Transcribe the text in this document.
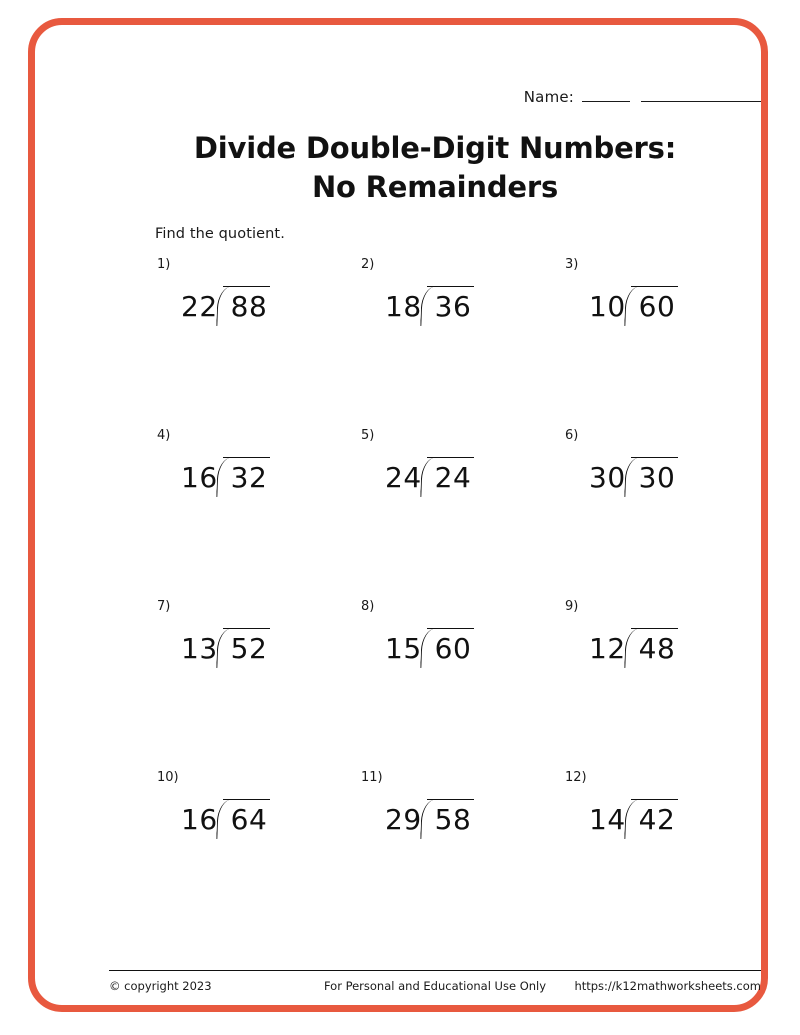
Name:
Divide Double-Digit Numbers:
No Remainders
Find the quotient.
1)
22 88
2)
18 36
3)
10 60
4)
16 32
5)
24 24
6)
30 30
7)
13 52
8)
15 60
9)
12 48
10)
16 64
11)
29 58
12)
14 42
© copyright 2023	For Personal and Educational Use Only https://k12mathworksheets.com
